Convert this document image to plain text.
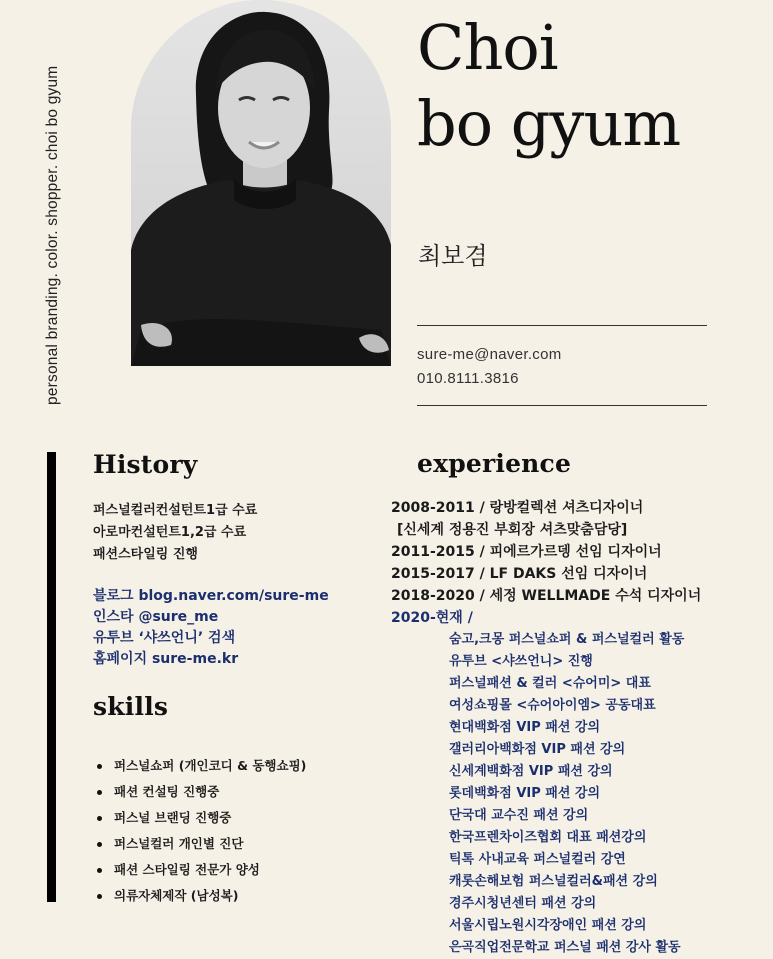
personal branding. color. shopper. choi bo gyum
Choi
bo gyum
최보겸
sure-me@naver.com
010.8111.3816
History
퍼스널컬러컨설턴트1급 수료
아로마컨설턴트1,2급 수료
패션스타일링 진행
블로그 blog.naver.com/sure-me
인스타 @sure_me
유투브 ‘샤쓰언니’ 검색
홈페이지 sure-me.kr
skills
퍼스널쇼퍼 (개인코디 & 동행쇼핑)
패션 컨설팅 진행중
퍼스널 브랜딩 진행중
퍼스널컬러 개인별 진단
패션 스타일링 전문가 양성
의류자체제작 (남성복)
experience
2008-2011 / 랑방컬렉션 셔츠디자이너
[신세계 정용진 부회장 셔츠맞춤담당]
2011-2015 / 피에르가르뎅 선임 디자이너
2015-2017 / LF DAKS 선임 디자이너
2018-2020 / 세정 WELLMADE 수석 디자이너
2020-현재 /
숨고,크몽 퍼스널쇼퍼 & 퍼스널컬러 활동
유투브 <샤쓰언니> 진행
퍼스널패션 & 컬러 <슈어미> 대표
여성쇼핑몰 <슈어아이엠> 공동대표
현대백화점 VIP 패션 강의
갤러리아백화점 VIP 패션 강의
신세계백화점 VIP 패션 강의
롯데백화점 VIP 패션 강의
단국대 교수진 패션 강의
한국프렌차이즈협회 대표 패션강의
틱톡 사내교육 퍼스널컬러 강연
캐롯손해보험 퍼스널컬러&패션 강의
경주시청년센터 패션 강의
서울시립노원시각장애인 패션 강의
은곡직업전문학교 퍼스널 패션 강사 활동
